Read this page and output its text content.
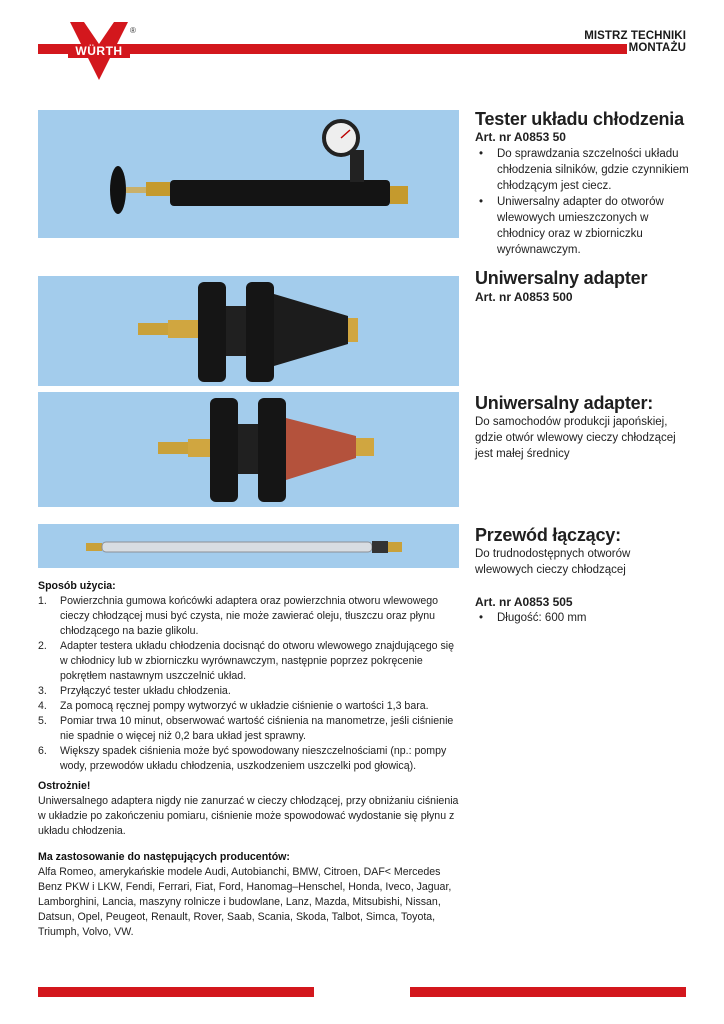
WÜRTH
®	MISTRZ TECHNIKI
MONTAŻU
Tester układu chłodzenia
Art. nr A0853 50
• Do sprawdzania szczelności układu chłodzenia silników, gdzie czynnikiem chłodzącym jest ciecz.
• Uniwersalny adapter do otworów wlewowych umieszczonych w chłodnicy oraz w zbiorniczku wyrównawczym.
Uniwersalny adapter
Art. nr A0853 500
Uniwersalny adapter:
Do samochodów produkcji japońskiej, gdzie otwór wlewowy cieczy chłodzącej jest małej średnicy
Przewód łączący:
Do trudnodostępnych otworów wlewowych cieczy chłodzącej
Art. nr A0853 505
• Długość: 600 mm
Sposób użycia:
1. Powierzchnia gumowa końcówki adaptera oraz powierzchnia otworu wlewowego cieczy chłodzącej musi być czysta, nie może zawierać oleju, tłuszczu oraz płynu chłodzącego na bazie glikolu.
2. Adapter testera układu chłodzenia docisnąć do otworu wlewowego znajdującego się w chłodnicy lub w zbiorniczku wyrównawczym, następnie poprzez pokręcenie pokrętłem nastawnym uszczelnić układ.
3. Przyłączyć tester układu chłodzenia.
4. Za pomocą ręcznej pompy wytworzyć w układzie ciśnienie o wartości 1,3 bara.
5. Pomiar trwa 10 minut, obserwować wartość ciśnienia na manometrze, jeśli ciśnienie nie spadnie o więcej niż 0,2 bara układ jest sprawny.
6. Większy spadek ciśnienia może być spowodowany nieszczelnościami (np.: pompy wody, przewodów układu chłodzenia, uszkodzeniem uszczelki pod głowicą).
Ostrożnie!
Uniwersalnego adaptera nigdy nie zanurzać w cieczy chłodzącej, przy obniżaniu ciśnienia w układzie po zakończeniu pomiaru, ciśnienie może spowodować wydostanie się płynu z układu chłodzenia.
Ma zastosowanie do następujących producentów:
Alfa Romeo, amerykańskie modele Audi, Autobianchi, BMW, Citroen, DAF< Mercedes Benz PKW i LKW, Fendi, Ferrari, Fiat, Ford, Hanomag–Henschel, Honda, Iveco, Jaguar, Lamborghini, Lancia, maszyny rolnicze i budowlane, Lanz, Mazda, Mitsubishi, Nissan, Datsun, Opel, Peugeot, Renault, Rover, Saab, Scania, Skoda, Talbot, Simca, Toyota, Triumph, Volvo, VW.
